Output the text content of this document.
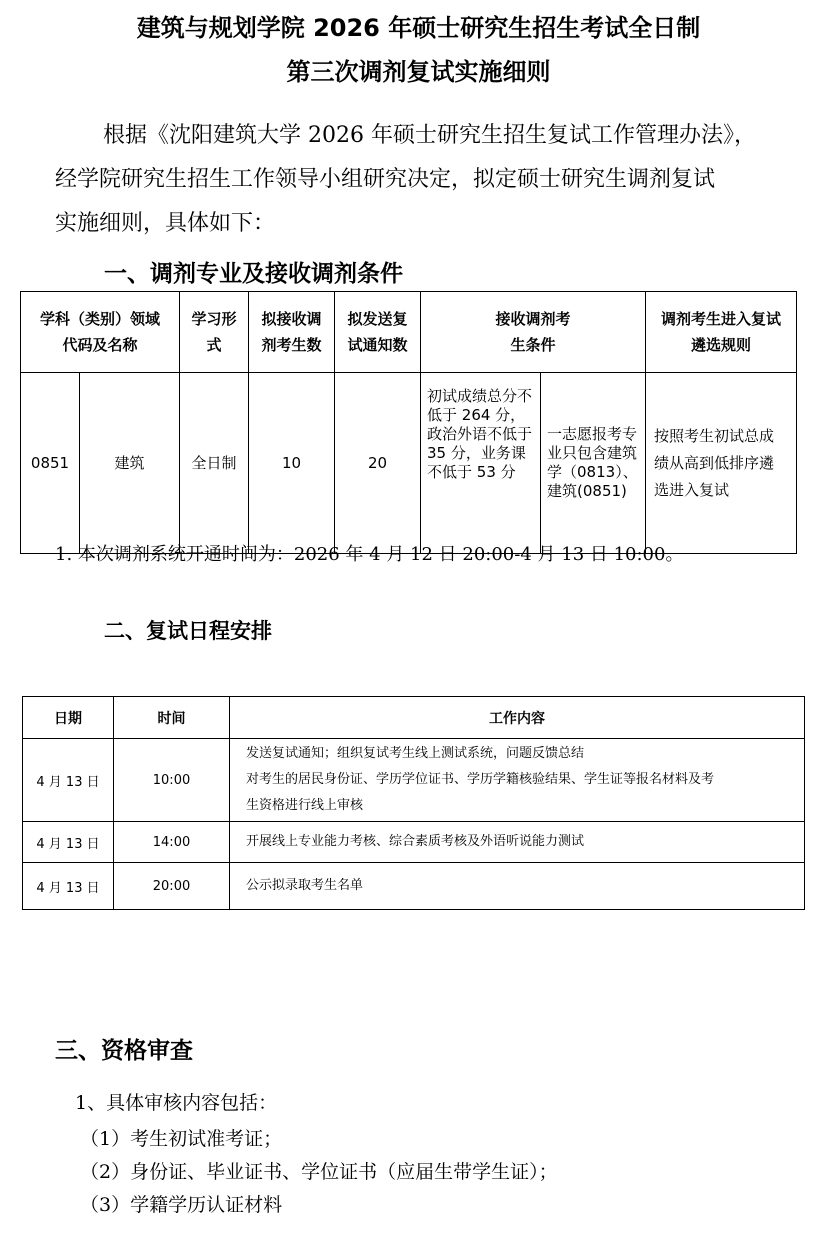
建筑与规划学院 2026 年硕士研究生招生考试全日制
第三次调剂复试实施细则
根据《沈阳建筑大学 2026 年硕士研究生招生复试工作管理办法》，
经学院研究生招生工作领导小组研究决定，拟定硕士研究生调剂复试
实施细则，具体如下：
一、调剂专业及接收调剂条件
学科（类别）领域代码及名称		学习形式	拟接收调剂考生数	拟发送复试通知数	接收调剂考生条件		调剂考生进入复试遴选规则
0851	建筑	全日制	10	20	初试成绩总分不低于 264 分，政治外语不低于 35 分，业务课不低于 53 分	一志愿报考专业只包含建筑学（0813）、建筑(0851)	按照考生初试总成绩从高到低排序遴选进入复试
1. 本次调剂系统开通时间为：2026 年 4 月 12 日 20:00-4 月 13 日 10:00。
二、复试日程安排
日期	时间	工作内容
4 月 13 日	10:00	发送复试通知；组织复试考生线上测试系统，问题反馈总结
对考生的居民身份证、学历学位证书、学历学籍核验结果、学生证等报名材料及考
生资格进行线上审核

4 月 13 日	14:00	开展线上专业能力考核、综合素质考核及外语听说能力测试

4 月 13 日	20:00	公示拟录取考生名单
三、资格审查
1、具体审核内容包括：
（1）考生初试准考证；
（2）身份证、毕业证书、学位证书（应届生带学生证）；
（3）学籍学历认证材料
